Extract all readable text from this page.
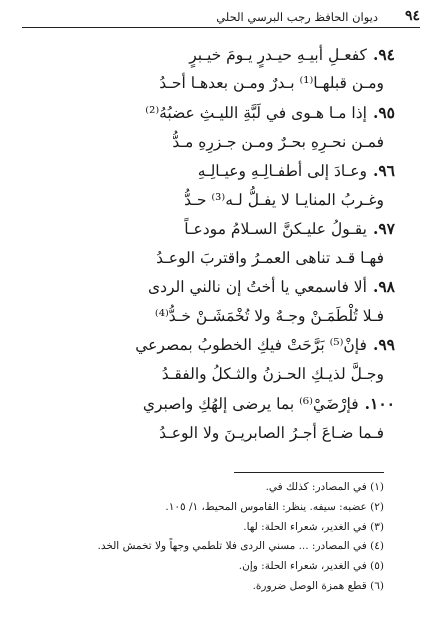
٩٤
ديوان الحافظ رجب البرسي الحلي
٩٤.كفعـلِ أبيـهِ حيـدرٍ يـومَ خيـبرٍ
ومـن قبلهـا⁽¹⁾ بـدرٌ ومـن بعدهـا أحـدُ
٩٥.إذا مـا هـوى في لَبَّةِ الليـثِ عضبُهُ⁽²⁾
فمـن نحـرِهِ بحـرٌ ومـن جـزرِهِ مـدُّ
٩٦.وعـادَ إلى أطفـالِـهِ وعيـالِـهِ
وغـربُ المنايـا لا يفـلُّ لـه⁽³⁾ حـدُّ
٩٧.يقـولُ عليـكنَّ السـلامُ مودعـاً
فهـا قـد تناهى العمـرُ واقتربَ الوعـدُ
٩٨.ألا فاسمعي يا أختُ إن نالني الردى
فـلا تُلْطَمَـنْ وجـهٌ ولا تُخْمَشَـنْ خـدُّ⁽⁴⁾
٩٩.فإنْ⁽⁵⁾ بَرَّحَتْ فيكِ الخطوبُ بمصرعي
وجـلَّ لذيـكِ الحـزنُ والثـكلُ والفقـدُ
١٠٠.فإرْضَيْ⁽⁶⁾ بما يرضى إلهُكِ واصبري
فـما ضـاعَ أجـرُ الصابريـنَ ولا الوعـدُ
(١) في المصادر: كذلك في.
(٢) عضبه: سيفه. ينظر: القاموس المحيط، ١/ ١٠٥.
(٣) في الغدير، شعراء الحلة: لها.
(٤) في المصادر: ... مسني الردى فلا تلطمي وجهاً ولا تخمش الخد.
(٥) في الغدير، شعراء الحلة: وإن.
(٦) قطع همزة الوصل ضرورة.
